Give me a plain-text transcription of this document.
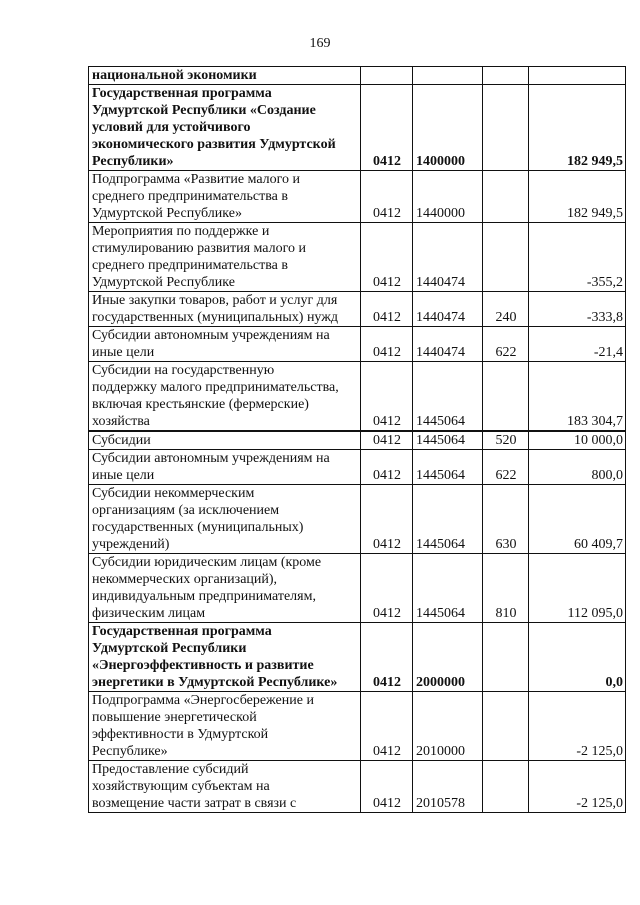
169
национальной экономики				

Государственная программа
Удмуртской Республики «Создание
условий для устойчивого
экономического развития Удмуртской
Республики»	0412	1400000		182 949,5

Подпрограмма «Развитие малого и
среднего предпринимательства в
Удмуртской Республике»	0412	1440000		182 949,5

Мероприятия по поддержке и
стимулированию развития малого и
среднего предпринимательства в
Удмуртской Республике	0412	1440474		-355,2

Иные закупки товаров, работ и услуг для
государственных (муниципальных) нужд	0412	1440474	240	-333,8

Субсидии автономным учреждениям на
иные цели	0412	1440474	622	-21,4

Субсидии на государственную
поддержку малого предпринимательства,
включая крестьянские (фермерские)
хозяйства	0412	1445064		183 304,7

Субсидии	0412	1445064	520	10 000,0

Субсидии автономным учреждениям на
иные цели	0412	1445064	622	800,0

Субсидии некоммерческим
организациям (за исключением
государственных (муниципальных)
учреждений)	0412	1445064	630	60 409,7

Субсидии юридическим лицам (кроме
некоммерческих организаций),
индивидуальным предпринимателям,
физическим лицам	0412	1445064	810	112 095,0

Государственная программа
Удмуртской Республики
«Энергоэффективность и развитие
энергетики в Удмуртской Республике»	0412	2000000		0,0

Подпрограмма «Энергосбережение и
повышение энергетической
эффективности в Удмуртской
Республике»	0412	2010000		-2 125,0

Предоставление субсидий
хозяйствующим субъектам на
возмещение части затрат в связи с	0412	2010578		-2 125,0
